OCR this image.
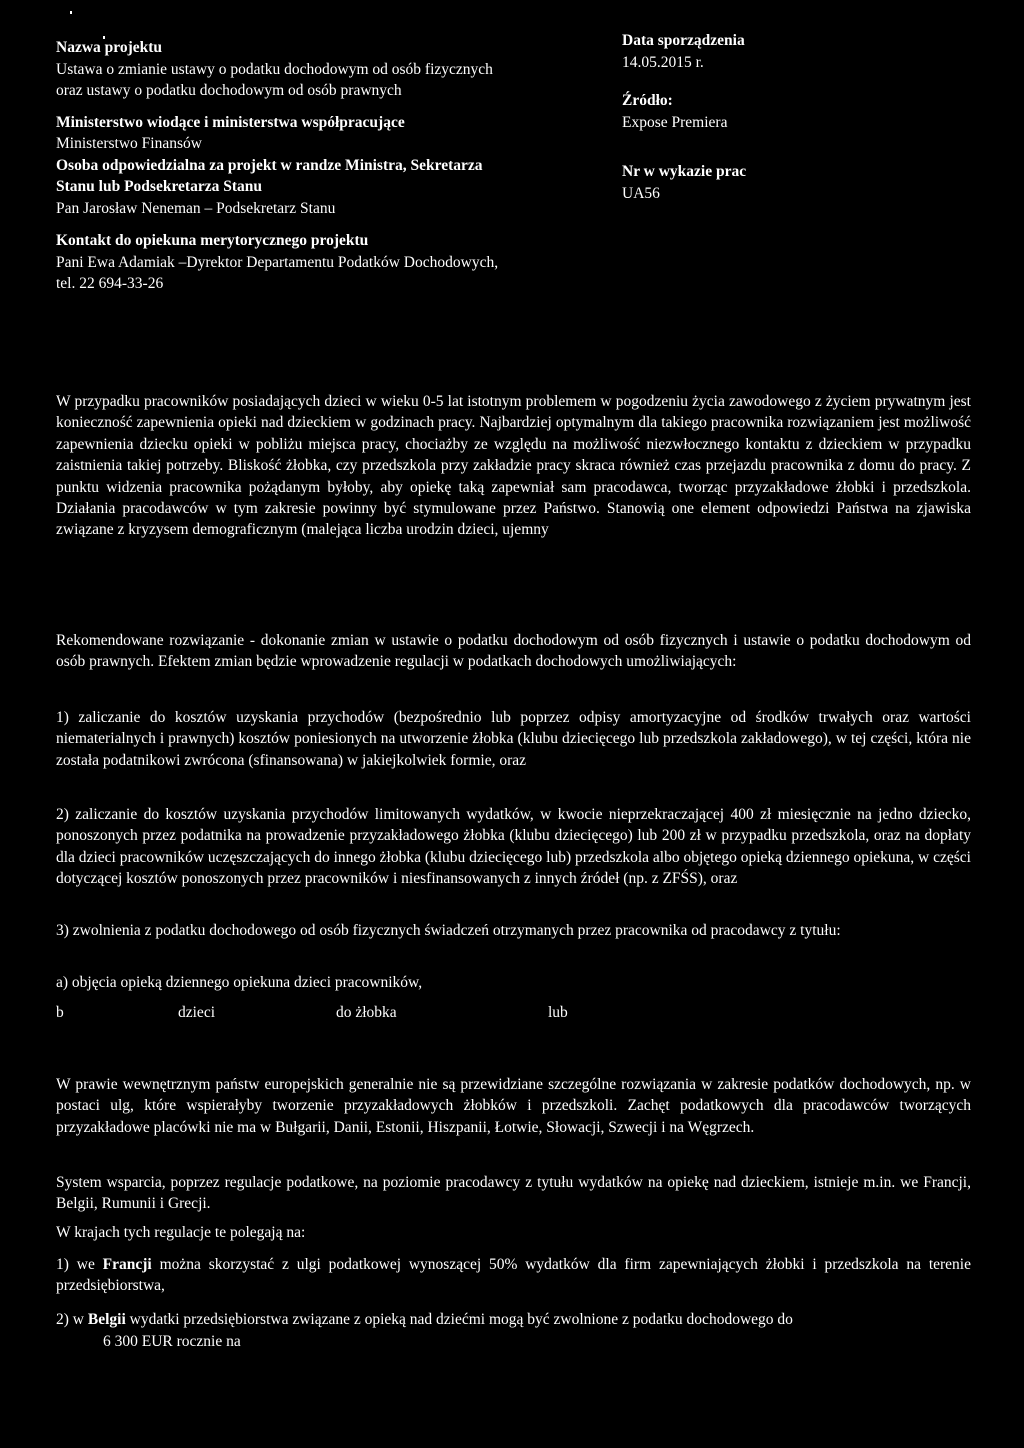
Nazwa projektu
Ustawa o zmianie ustawy o podatku dochodowym od osób fizycznych
oraz ustawy o podatku dochodowym od osób prawnych
Ministerstwo wiodące i ministerstwa współpracujące
Ministerstwo Finansów
Osoba odpowiedzialna za projekt w randze Ministra, Sekretarza
Stanu lub Podsekretarza Stanu
Pan Jarosław Neneman – Podsekretarz Stanu
Kontakt do opiekuna merytorycznego projektu
Pani Ewa Adamiak –Dyrektor Departamentu Podatków Dochodowych,
tel. 22 694-33-26
Data sporządzenia
14.05.2015 r.
Źródło:
Expose Premiera
Nr w wykazie prac
UA56

W przypadku pracowników posiadających dzieci w wieku 0-5 lat istotnym problemem w pogodzeniu życia zawodowego z życiem prywatnym jest konieczność zapewnienia opieki nad dzieckiem w godzinach pracy. Najbardziej optymalnym dla takiego pracownika rozwiązaniem jest możliwość zapewnienia dziecku opieki w pobliżu miejsca pracy, chociażby ze względu na możliwość niezwłocznego kontaktu z dzieckiem w przypadku zaistnienia takiej potrzeby. Bliskość żłobka, czy przedszkola przy zakładzie pracy skraca również czas przejazdu pracownika z domu do pracy. Z punktu widzenia pracownika pożądanym byłoby, aby opiekę taką zapewniał sam pracodawca, tworząc przyzakładowe żłobki i przedszkola. Działania pracodawców w tym zakresie powinny być stymulowane przez Państwo. Stanowią one element odpowiedzi Państwa na zjawiska związane z kryzysem demograficznym (malejąca liczba urodzin dzieci, ujemny

Rekomendowane rozwiązanie - dokonanie zmian w ustawie o podatku dochodowym od osób fizycznych i ustawie o podatku dochodowym od osób prawnych. Efektem zmian będzie wprowadzenie regulacji w podatkach dochodowych umożliwiających:

1) zaliczanie do kosztów uzyskania przychodów (bezpośrednio lub poprzez odpisy amortyzacyjne od środków trwałych oraz wartości niematerialnych i prawnych) kosztów poniesionych na utworzenie żłobka (klubu dziecięcego lub przedszkola zakładowego), w tej części, która nie została podatnikowi zwrócona (sfinansowana) w jakiejkolwiek formie, oraz

2) zaliczanie do kosztów uzyskania przychodów limitowanych wydatków, w kwocie nieprzekraczającej 400 zł miesięcznie na jedno dziecko, ponoszonych przez podatnika na prowadzenie przyzakładowego żłobka (klubu dziecięcego) lub 200 zł w przypadku przedszkola, oraz na dopłaty dla dzieci pracowników uczęszczających do innego żłobka (klubu dziecięcego lub) przedszkola albo objętego opieką dziennego opiekuna, w części dotyczącej kosztów ponoszonych przez pracowników i niesfinansowanych z innych źródeł (np. z ZFŚS), oraz

3) zwolnienia z podatku dochodowego od osób fizycznych świadczeń otrzymanych przez pracownika od pracodawcy z tytułu:

a) objęcia opieką dziennego opiekuna dzieci pracowników,

b	dzieci	do żłobka	lub

W prawie wewnętrznym państw europejskich generalnie nie są przewidziane szczególne rozwiązania w zakresie podatków dochodowych, np. w postaci ulg, które wspierałyby tworzenie przyzakładowych żłobków i przedszkoli. Zachęt podatkowych dla pracodawców tworzących przyzakładowe placówki nie ma w Bułgarii, Danii, Estonii, Hiszpanii, Łotwie, Słowacji, Szwecji i na Węgrzech.

System wsparcia, poprzez regulacje podatkowe, na poziomie pracodawcy z tytułu wydatków na opiekę nad dzieckiem, istnieje m.in. we Francji, Belgii, Rumunii i Grecji.

W krajach tych regulacje te polegają na:

1) we Francji można skorzystać z ulgi podatkowej wynoszącej 50% wydatków dla firm zapewniających żłobki i przedszkola na terenie przedsiębiorstwa,

2) w Belgii wydatki przedsiębiorstwa związane z opieką nad dziećmi mogą być zwolnione z podatku dochodowego do

6 300 EUR rocznie na
